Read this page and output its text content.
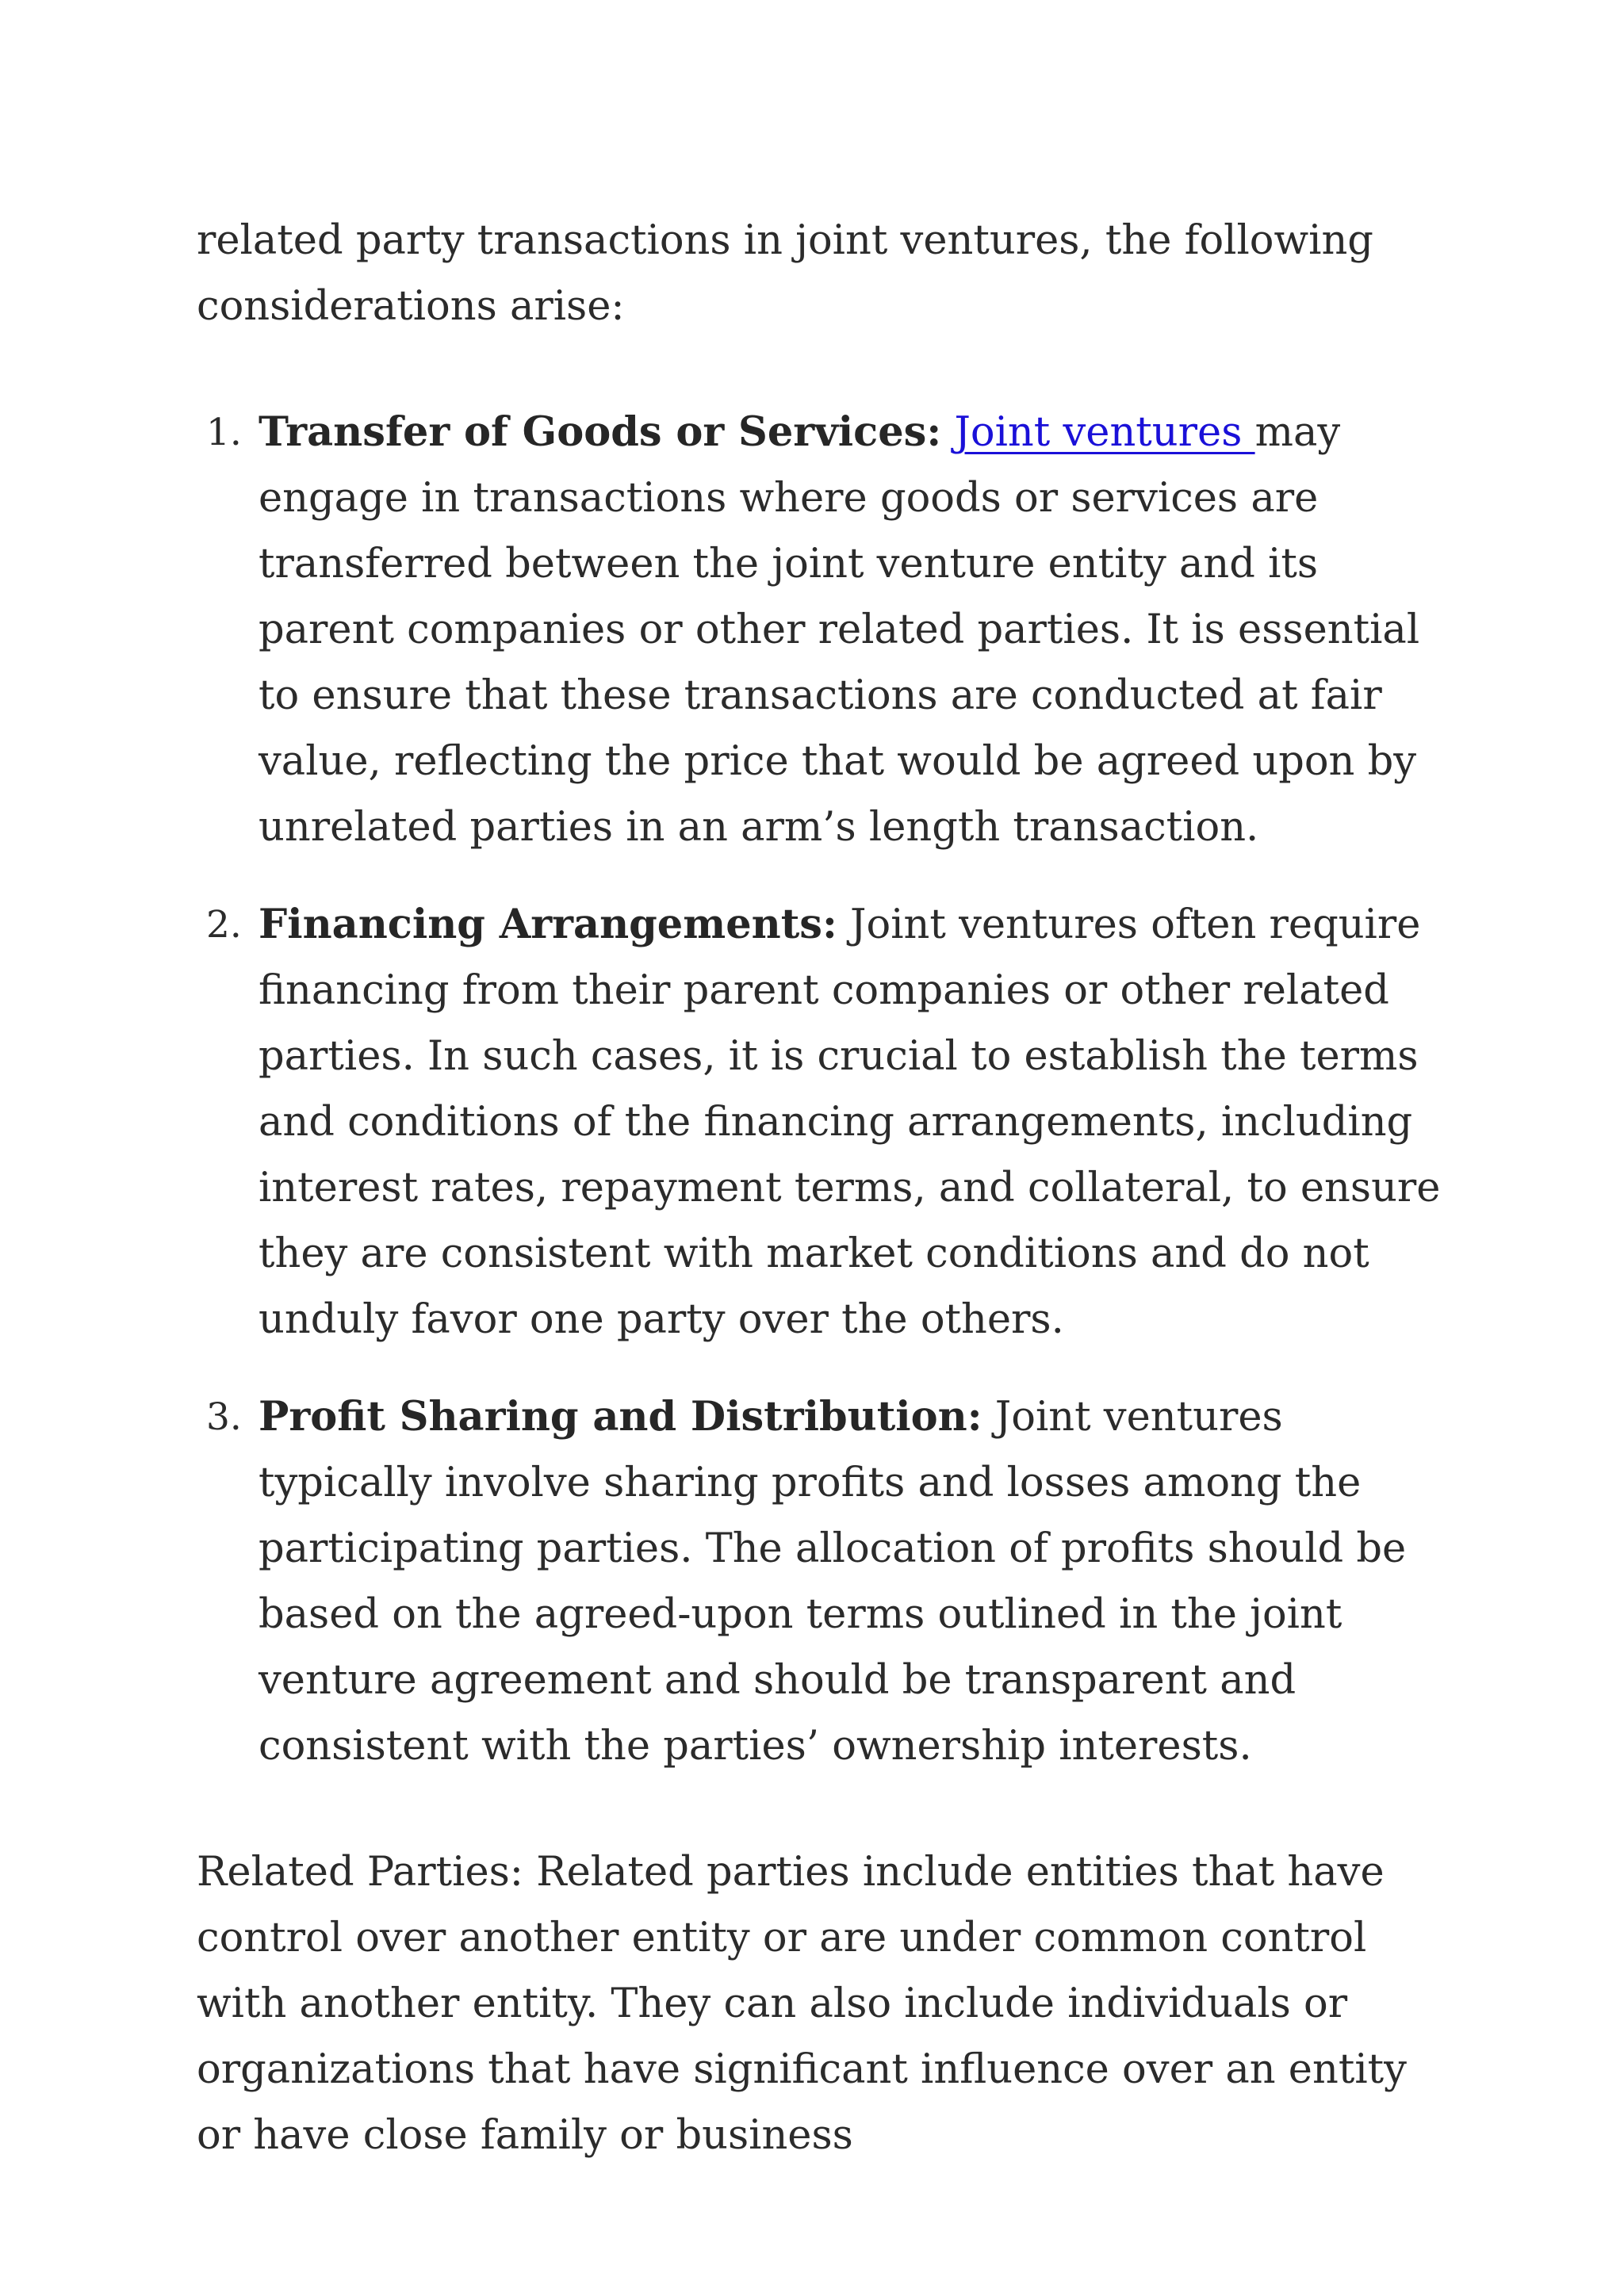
related party transactions in joint ventures, the following considerations arise:

1. Transfer of Goods or Services: Joint ventures may engage in transactions where goods or services are transferred between the joint venture entity and its parent companies or other related parties. It is essential to ensure that these transactions are conducted at fair value, reflecting the price that would be agreed upon by unrelated parties in an arm’s length transaction.
2. Financing Arrangements: Joint ventures often require financing from their parent companies or other related parties. In such cases, it is crucial to establish the terms and conditions of the financing arrangements, including interest rates, repayment terms, and collateral, to ensure they are consistent with market conditions and do not unduly favor one party over the others.
3. Profit Sharing and Distribution: Joint ventures typically involve sharing profits and losses among the participating parties. The allocation of profits should be based on the agreed-upon terms outlined in the joint venture agreement and should be transparent and consistent with the parties’ ownership interests.

Related Parties: Related parties include entities that have control over another entity or are under common control with another entity. They can also include individuals or organizations that have significant influence over an entity or have close family or business
